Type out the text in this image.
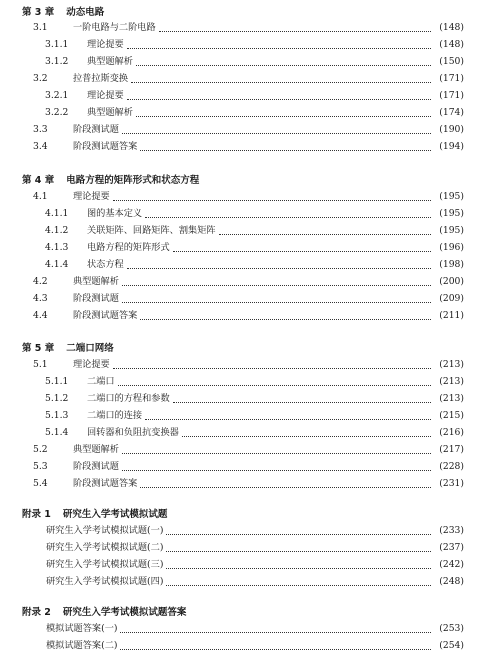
第 3 章 动态电路
3.1	一阶电路与二阶电路	(148)
3.1.1	理论提要	(148)
3.1.2	典型题解析	(150)
3.2	拉普拉斯变换	(171)
3.2.1	理论提要	(171)
3.2.2	典型题解析	(174)
3.3	阶段测试题	(190)
3.4	阶段测试题答案	(194)
第 4 章 电路方程的矩阵形式和状态方程
4.1	理论提要	(195)
4.1.1	图的基本定义	(195)
4.1.2	关联矩阵、回路矩阵、割集矩阵	(195)
4.1.3	电路方程的矩阵形式	(196)
4.1.4	状态方程	(198)
4.2	典型题解析	(200)
4.3	阶段测试题	(209)
4.4	阶段测试题答案	(211)
第 5 章 二端口网络
5.1	理论提要	(213)
5.1.1	二端口	(213)
5.1.2	二端口的方程和参数	(213)
5.1.3	二端口的连接	(215)
5.1.4	回转器和负阻抗变换器	(216)
5.2	典型题解析	(217)
5.3	阶段测试题	(228)
5.4	阶段测试题答案	(231)
附录 1 研究生入学考试模拟试题
研究生入学考试模拟试题(一)	(233)
研究生入学考试模拟试题(二)	(237)
研究生入学考试模拟试题(三)	(242)
研究生入学考试模拟试题(四)	(248)
附录 2 研究生入学考试模拟试题答案
模拟试题答案(一)	(253)
模拟试题答案(二)	(254)
